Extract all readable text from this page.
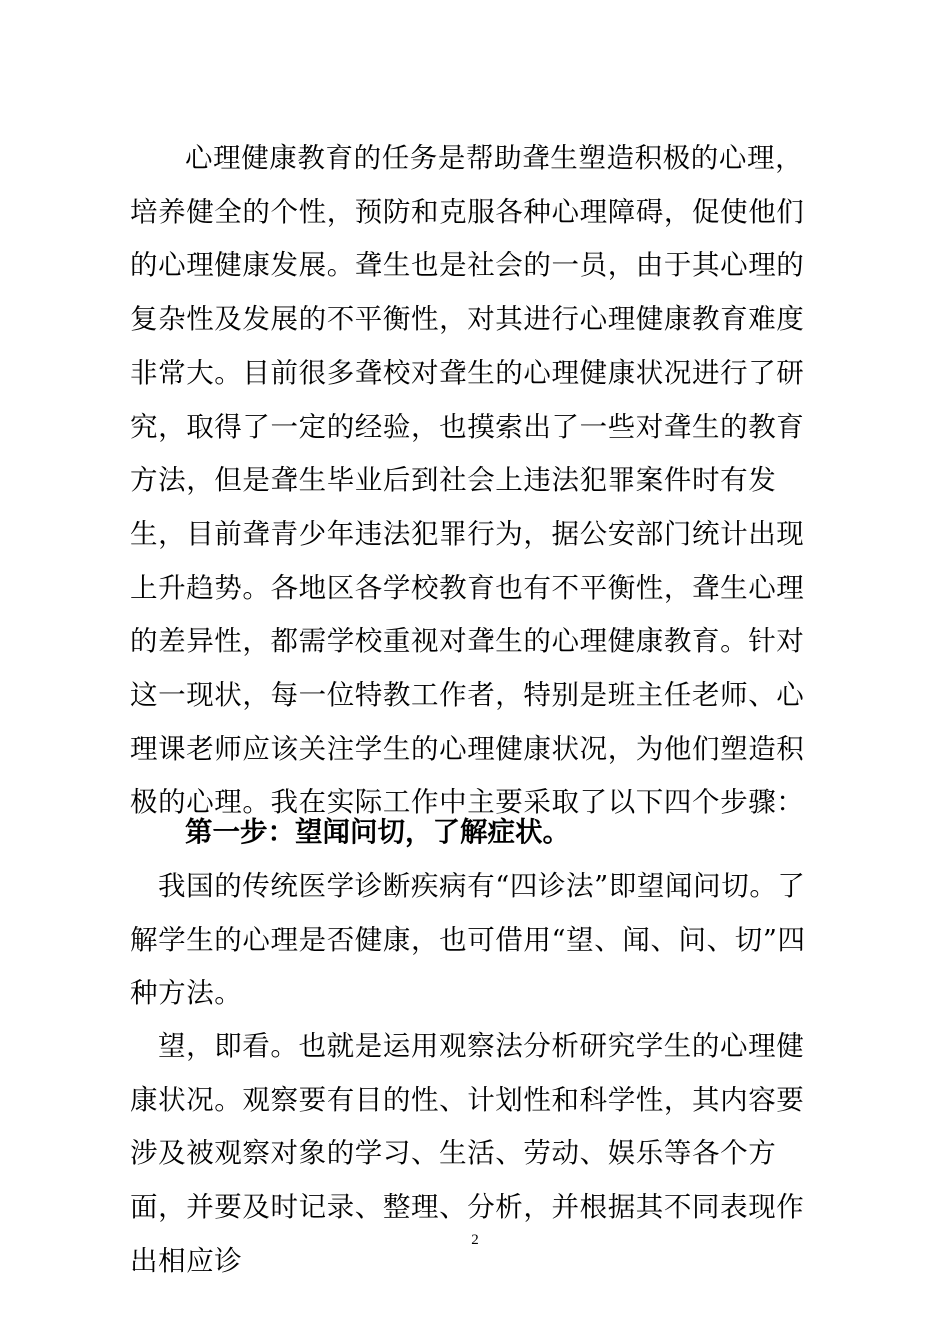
心理健康教育的任务是帮助聋生塑造积极的心理，培养健全的个性，预防和克服各种心理障碍，促使他们的心理健康发展。聋生也是社会的一员，由于其心理的复杂性及发展的不平衡性，对其进行心理健康教育难度非常大。目前很多聋校对聋生的心理健康状况进行了研究，取得了一定的经验，也摸索出了一些对聋生的教育方法，但是聋生毕业后到社会上违法犯罪案件时有发生，目前聋青少年违法犯罪行为，据公安部门统计出现上升趋势。各地区各学校教育也有不平衡性，聋生心理的差异性，都需学校重视对聋生的心理健康教育。针对这一现状，每一位特教工作者，特别是班主任老师、心理课老师应该关注学生的心理健康状况，为他们塑造积极的心理。我在实际工作中主要采取了以下四个步骤：

第一步：望闻问切，了解症状。

我国的传统医学诊断疾病有“四诊法”即望闻问切。了解学生的心理是否健康，也可借用“望、闻、问、切”四种方法。

望，即看。也就是运用观察法分析研究学生的心理健康状况。观察要有目的性、计划性和科学性，其内容要涉及被观察对象的学习、生活、劳动、娱乐等各个方面，并要及时记录、整理、分析，并根据其不同表现作出相应诊

2
